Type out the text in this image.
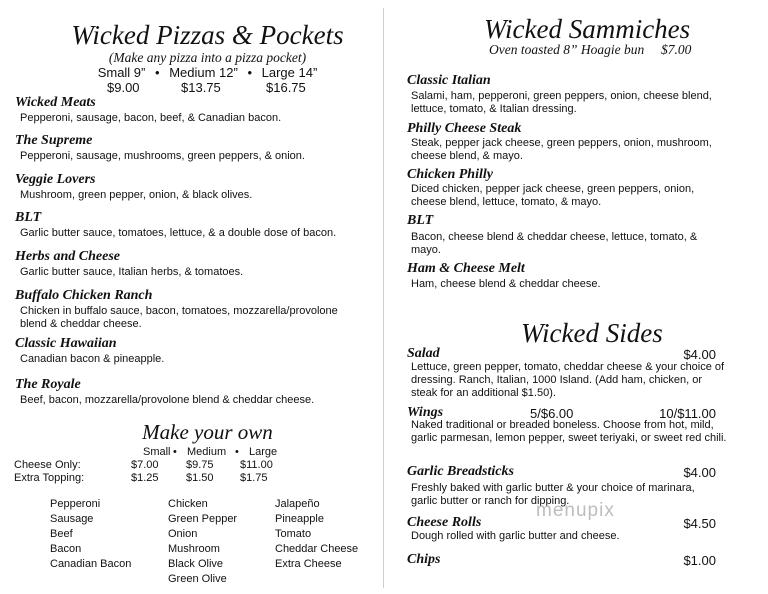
Wicked Pizzas & Pockets
(Make any pizza into a pizza pocket)
Small 9” • Medium 12” • Large 14”
$9.00	$13.75	$16.75
Wicked Meats
Pepperoni, sausage, bacon, beef, & Canadian bacon.
The Supreme
Pepperoni, sausage, mushrooms, green peppers, & onion.
Veggie Lovers
Mushroom, green pepper, onion, & black olives.
BLT
Garlic butter sauce, tomatoes, lettuce, & a double dose of bacon.
Herbs and Cheese
Garlic butter sauce, Italian herbs, & tomatoes.
Buffalo Chicken Ranch
Chicken in buffalo sauce, bacon, tomatoes, mozzarella/provolone blend & cheddar cheese.
Classic Hawaiian
Canadian bacon & pineapple.
The Royale
Beef, bacon, mozzarella/provolone blend & cheddar cheese.
Make your own
Small • Medium • Large
Cheese Only:	$7.00 $9.75 $11.00
Extra Topping:	$1.25 $1.50 $1.75
Pepperoni
Sausage
Beef
Bacon
Canadian Bacon
Chicken
Green Pepper
Onion
Mushroom
Black Olive
Green Olive
Jalapeño
Pineapple
Tomato
Cheddar Cheese
Extra Cheese
Wicked Sammiches
Oven toasted 8” Hoagie bun $7.00
Classic Italian
Salami, ham, pepperoni, green peppers, onion, cheese blend, lettuce, tomato, & Italian dressing.
Philly Cheese Steak
Steak, pepper jack cheese, green peppers, onion, mushroom, cheese blend, & mayo.
Chicken Philly
Diced chicken, pepper jack cheese, green peppers, onion, cheese blend, lettuce, tomato, & mayo.
BLT
Bacon, cheese blend & cheddar cheese, lettuce, tomato, & mayo.
Ham & Cheese Melt
Ham, cheese blend & cheddar cheese.
Wicked Sides
Salad	$4.00
Lettuce, green pepper, tomato, cheddar cheese & your choice of dressing. Ranch, Italian, 1000 Island. (Add ham, chicken, or steak for an additional $1.50).
Wings	5/$6.00	10/$11.00
Naked traditional or breaded boneless. Choose from hot, mild, garlic parmesan, lemon pepper, sweet teriyaki, or sweet red chili.
Garlic Breadsticks	$4.00
Freshly baked with garlic butter & your choice of marinara, garlic butter or ranch for dipping.
Cheese Rolls	$4.50
Dough rolled with garlic butter and cheese.
Chips	$1.00
menupix
